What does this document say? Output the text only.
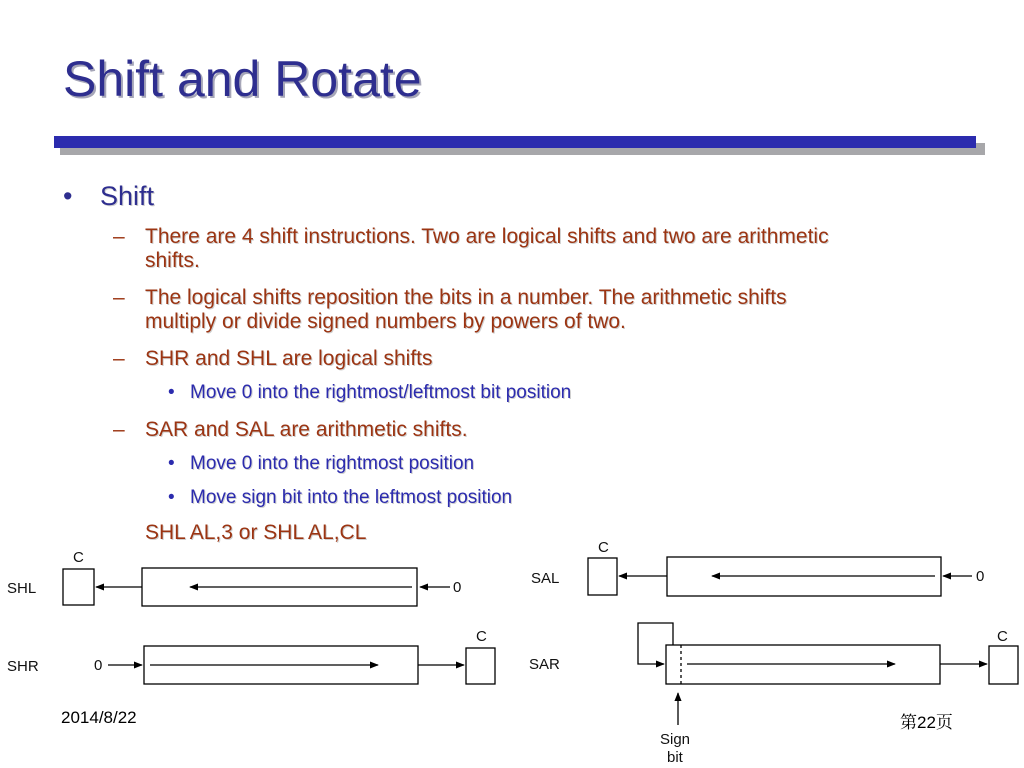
Shift and Rotate
• Shift
– There are 4 shift instructions. Two are logical shifts and two are arithmetic
shifts.
– The logical shifts reposition the bits in a number. The arithmetic shifts
multiply or divide signed numbers by powers of two.
– SHR and SHL are logical shifts
• Move 0 into the rightmost/leftmost bit position
– SAR and SAL are arithmetic shifts.
• Move 0 into the rightmost position
• Move sign bit into the leftmost position
SHL AL,3 or SHL AL,CL
SHL
C
0
SHR
C
0
SAL
C
0
SAR
C
Sign
bit
2014/8/22	第22页
